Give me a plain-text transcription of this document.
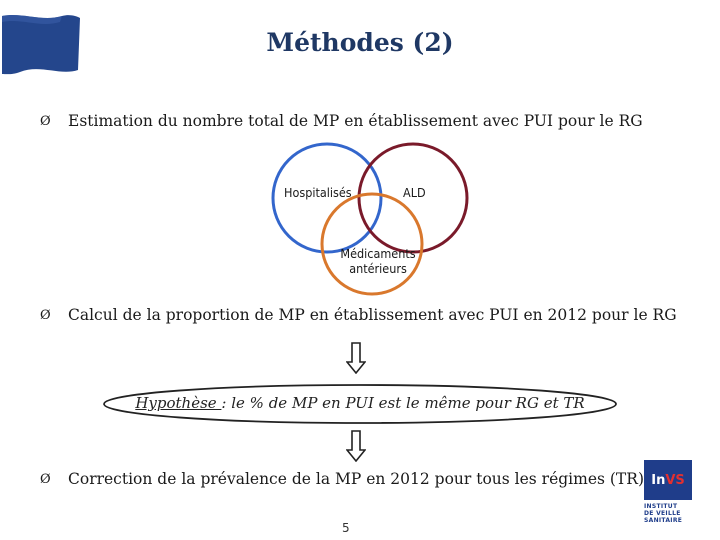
Méthodes (2)
Ø	Estimation du nombre total de MP en établissement avec PUI pour le RG
Hospitalisés	ALD
Médicaments
antérieurs
Ø	Calcul de la proportion de MP en établissement avec PUI en 2012 pour le RG
Hypothèse : le % de MP en PUI est le même pour RG et TR
Ø	Correction de la prévalence de la MP en 2012 pour tous les régimes (TR)
5
In VS
INSTITUT
DE VEILLE SANITAIRE
